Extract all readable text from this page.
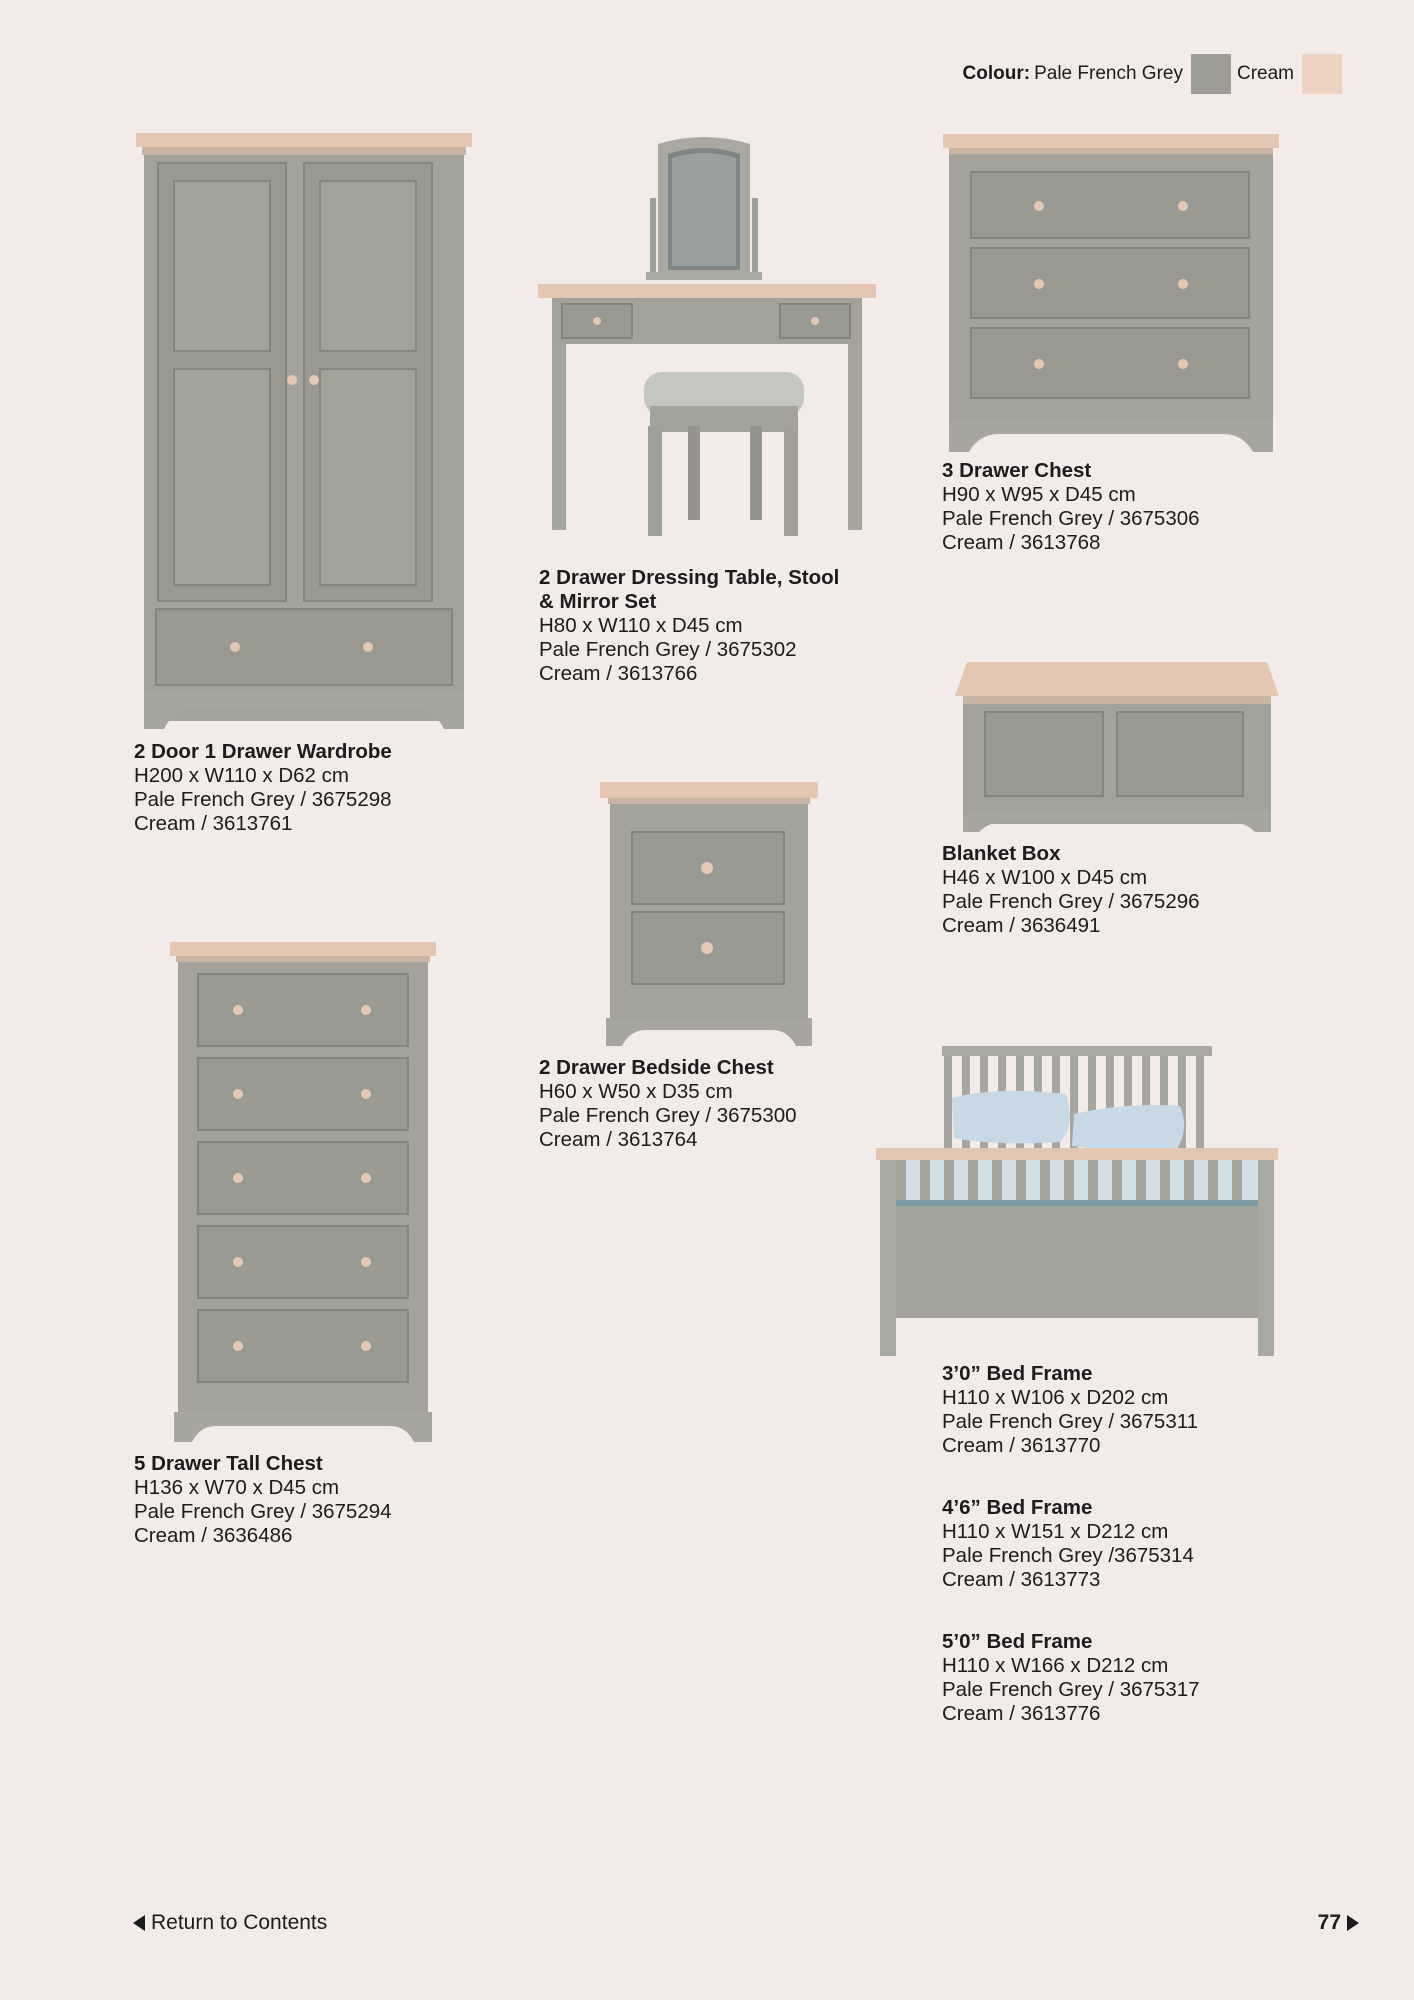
Colour: Pale French Grey	Cream
2 Door 1 Drawer Wardrobe
H200 x W110 x D62 cm
Pale French Grey / 3675298
Cream / 3613761
2 Drawer Dressing Table, Stool
& Mirror Set
H80 x W110 x D45 cm
Pale French Grey / 3675302
Cream / 3613766
3 Drawer Chest
H90 x W95 x D45 cm
Pale French Grey / 3675306
Cream / 3613768
Blanket Box
H46 x W100 x D45 cm
Pale French Grey / 3675296
Cream / 3636491
2 Drawer Bedside Chest
H60 x W50 x D35 cm
Pale French Grey / 3675300
Cream / 3613764
5 Drawer Tall Chest
H136 x W70 x D45 cm
Pale French Grey / 3675294
Cream / 3636486
3’0” Bed Frame
H110 x W106 x D202 cm
Pale French Grey / 3675311
Cream / 3613770
4’6” Bed Frame
H110 x W151 x D212 cm
Pale French Grey /3675314
Cream / 3613773
5’0” Bed Frame
H110 x W166 x D212 cm
Pale French Grey / 3675317
Cream / 3613776
Return to Contents	77
